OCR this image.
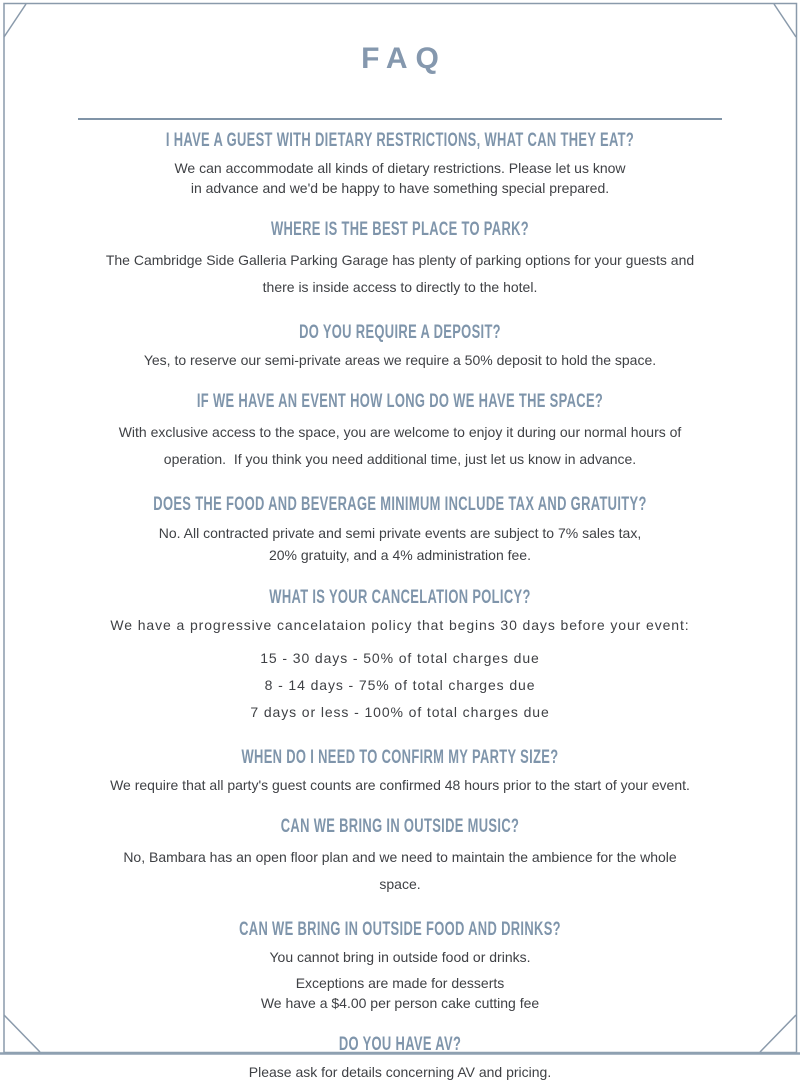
FAQ
I HAVE A GUEST WITH DIETARY RESTRICTIONS, WHAT CAN THEY EAT?
We can accommodate all kinds of dietary restrictions. Please let us know
in advance and we'd be happy to have something special prepared.
WHERE IS THE BEST PLACE TO PARK?
The Cambridge Side Galleria Parking Garage has plenty of parking options for your guests and
there is inside access to directly to the hotel.
DO YOU REQUIRE A DEPOSIT?
Yes, to reserve our semi-private areas we require a 50% deposit to hold the space.
IF WE HAVE AN EVENT HOW LONG DO WE HAVE THE SPACE?
With exclusive access to the space, you are welcome to enjoy it during our normal hours of
operation.  If you think you need additional time, just let us know in advance.
DOES THE FOOD AND BEVERAGE MINIMUM INCLUDE TAX AND GRATUITY?
No. All contracted private and semi private events are subject to 7% sales tax,
20% gratuity, and a 4% administration fee.
WHAT IS YOUR CANCELATION POLICY?
We have a progressive cancelataion policy that begins 30 days before your event:
15 - 30 days - 50% of total charges due
8 - 14 days - 75% of total charges due
7 days or less - 100% of total charges due
WHEN DO I NEED TO CONFIRM MY PARTY SIZE?
We require that all party's guest counts are confirmed 48 hours prior to the start of your event.
CAN WE BRING IN OUTSIDE MUSIC?
No, Bambara has an open floor plan and we need to maintain the ambience for the whole
space.
CAN WE BRING IN OUTSIDE FOOD AND DRINKS?
You cannot bring in outside food or drinks.
Exceptions are made for desserts
We have a $4.00 per person cake cutting fee
DO YOU HAVE AV?
Please ask for details concerning AV and pricing.
